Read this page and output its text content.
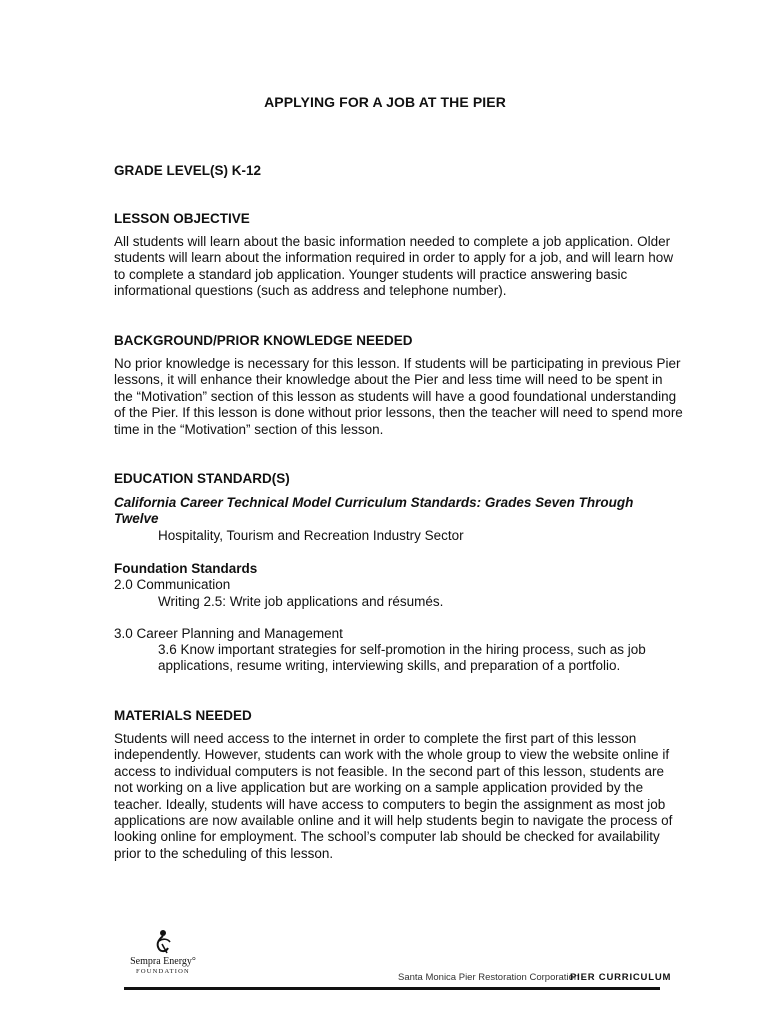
APPLYING FOR A JOB AT THE PIER
GRADE LEVEL(S) K-12
LESSON OBJECTIVE
All students will learn about the basic information needed to complete a job application. Older students will learn about the information required in order to apply for a job, and will learn how to complete a standard job application. Younger students will practice answering basic informational questions (such as address and telephone number).
BACKGROUND/PRIOR KNOWLEDGE NEEDED
No prior knowledge is necessary for this lesson. If students will be participating in previous Pier lessons, it will enhance their knowledge about the Pier and less time will need to be spent in the “Motivation” section of this lesson as students will have a good foundational understanding of the Pier. If this lesson is done without prior lessons, then the teacher will need to spend more time in the “Motivation” section of this lesson.
EDUCATION STANDARD(S)
California Career Technical Model Curriculum Standards: Grades Seven Through Twelve
Hospitality, Tourism and Recreation Industry Sector
Foundation Standards
2.0 Communication
Writing 2.5: Write job applications and résumés.
3.0 Career Planning and Management
3.6 Know important strategies for self-promotion in the hiring process, such as job applications, resume writing, interviewing skills, and preparation of a portfolio.
MATERIALS NEEDED
Students will need access to the internet in order to complete the first part of this lesson independently. However, students can work with the whole group to view the website online if access to individual computers is not feasible. In the second part of this lesson, students are not working on a live application but are working on a sample application provided by the teacher. Ideally, students will have access to computers to begin the assignment as most job applications are now available online and it will help students begin to navigate the process of looking online for employment. The school’s computer lab should be checked for availability prior to the scheduling of this lesson.
Sempra Energy°
FOUNDATION
Santa Monica Pier Restoration Corporation
PIER CURRICULUM
